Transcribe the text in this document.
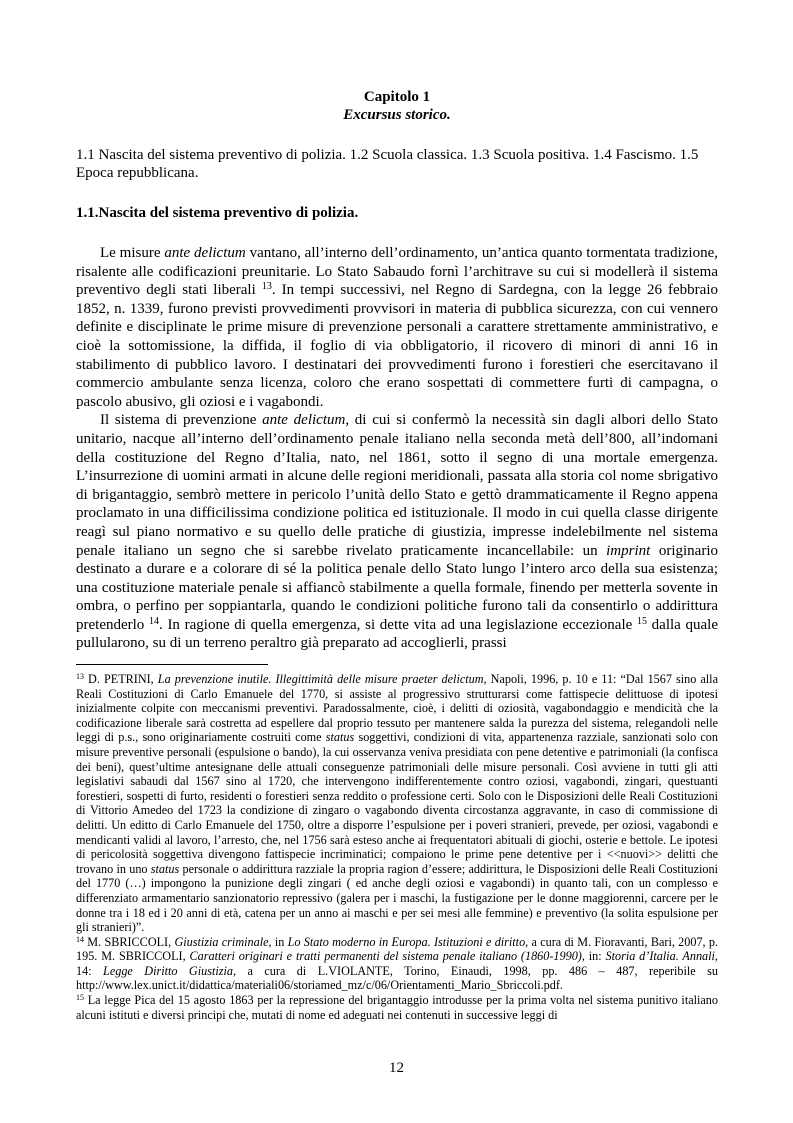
Capitolo 1
Excursus storico.
1.1 Nascita del sistema preventivo di polizia. 1.2 Scuola classica. 1.3 Scuola positiva. 1.4 Fascismo. 1.5 Epoca repubblicana.
1.1.Nascita del sistema preventivo di polizia.

Le misure ante delictum vantano, all’interno dell’ordinamento, un’antica quanto tormentata tradizione, risalente alle codificazioni preunitarie. Lo Stato Sabaudo fornì l’architrave su cui si modellerà il sistema preventivo degli stati liberali $^{13}$. In tempi successivi, nel Regno di Sardegna, con la legge 26 febbraio 1852, n. 1339, furono previsti provvedimenti provvisori in materia di pubblica sicurezza, con cui vennero definite e disciplinate le prime misure di prevenzione personali a carattere strettamente amministrativo, e cioè la sottomissione, la diffida, il foglio di via obbligatorio, il ricovero di minori di anni 16 in stabilimento di pubblico lavoro. I destinatari dei provvedimenti furono i forestieri che esercitavano il commercio ambulante senza licenza, coloro che erano sospettati di commettere furti di campagna, o pascolo abusivo, gli oziosi e i vagabondi.

Il sistema di prevenzione ante delictum, di cui si confermò la necessità sin dagli albori dello Stato unitario, nacque all’interno dell’ordinamento penale italiano nella seconda metà dell’800, all’indomani della costituzione del Regno d’Italia, nato, nel 1861, sotto il segno di una mortale emergenza. L’insurrezione di uomini armati in alcune delle regioni meridionali, passata alla storia col nome sbrigativo di brigantaggio, sembrò mettere in pericolo l’unità dello Stato e gettò drammaticamente il Regno appena proclamato in una difficilissima condizione politica ed istituzionale. Il modo in cui quella classe dirigente reagì sul piano normativo e su quello delle pratiche di giustizia, impresse indelebilmente nel sistema penale italiano un segno che si sarebbe rivelato praticamente incancellabile: un imprint originario destinato a durare e a colorare di sé la politica penale dello Stato lungo l’intero arco della sua esistenza; una costituzione materiale penale si affiancò stabilmente a quella formale, finendo per metterla sovente in ombra, o perfino per soppiantarla, quando le condizioni politiche furono tali da consentirlo o addirittura pretenderlo $^{14}$. In ragione di quella emergenza, si dette vita ad una legislazione eccezionale $^{15}$ dalla quale pullularono, su di un terreno peraltro già preparato ad accoglierli, prassi

$^{13}$ D. PETRINI, La prevenzione inutile. Illegittimità delle misure praeter delictum, Napoli, 1996, p. 10 e 11: “Dal 1567 sino alla Reali Costituzioni di Carlo Emanuele del 1770, si assiste al progressivo strutturarsi come fattispecie delittuose di ipotesi inizialmente colpite con meccanismi preventivi. Paradossalmente, cioè, i delitti di oziosità, vagabondaggio e mendicità che la codificazione liberale sarà costretta ad espellere dal proprio tessuto per mantenere salda la purezza del sistema, relegandoli nelle leggi di p.s., sono originariamente costruiti come status soggettivi, condizioni di vita, appartenenza razziale, sanzionati solo con misure preventive personali (espulsione o bando), la cui osservanza veniva presidiata con pene detentive e patrimoniali (la confisca dei beni), quest’ultime antesignane delle attuali conseguenze patrimoniali delle misure personali. Così avviene in tutti gli atti legislativi sabaudi dal 1567 sino al 1720, che intervengono indifferentemente contro oziosi, vagabondi, zingari, questuanti forestieri, sospetti di furto, residenti o forestieri senza reddito o professione certi. Solo con le Disposizioni delle Reali Costituzioni di Vittorio Amedeo del 1723 la condizione di zingaro o vagabondo diventa circostanza aggravante, in caso di commissione di delitti. Un editto di Carlo Emanuele del 1750, oltre a disporre l’espulsione per i poveri stranieri, prevede, per oziosi, vagabondi e mendicanti validi al lavoro, l’arresto, che, nel 1756 sarà esteso anche ai frequentatori abituali di giochi, osterie e bettole. Le ipotesi di pericolosità soggettiva divengono fattispecie incriminatici; compaiono le prime pene detentive per i <<nuovi>> delitti che trovano in uno status personale o addirittura razziale la propria ragion d’essere; addirittura, le Disposizioni delle Reali Costituzioni del 1770 (…) impongono la punizione degli zingari ( ed anche degli oziosi e vagabondi) in quanto tali, con un complesso e differenziato armamentario sanzionatorio repressivo (galera per i maschi, la fustigazione per le donne maggiorenni, carcere per le donne tra i 18 ed i 20 anni di età, catena per un anno ai maschi e per sei mesi alle femmine) e preventivo (la solita espulsione per gli stranieri)”.

$^{14}$ M. SBRICCOLI, Giustizia criminale, in Lo Stato moderno in Europa. Istituzioni e diritto, a cura di M. Fioravanti, Bari, 2007, p. 195. M. SBRICCOLI, Caratteri originari e tratti permanenti del sistema penale italiano (1860-1990), in: Storia d’Italia. Annali, 14: Legge Diritto Giustizia, a cura di L.VIOLANTE, Torino, Einaudi, 1998, pp. 486 – 487, reperibile su http://www.lex.unict.it/didattica/materiali06/storiamed_mz/c/06/Orientamenti_Mario_Sbriccoli.pdf.

$^{15}$ La legge Pica del 15 agosto 1863 per la repressione del brigantaggio introdusse per la prima volta nel sistema punitivo italiano alcuni istituti e diversi principi che, mutati di nome ed adeguati nei contenuti in successive leggi di

12
